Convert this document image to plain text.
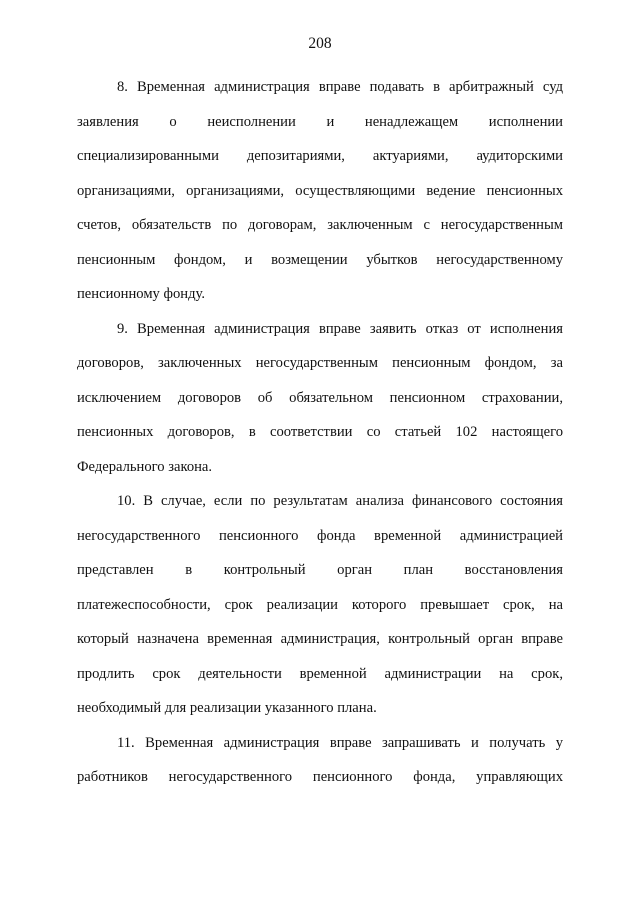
208
8. Временная администрация вправе подавать в арбитражный суд
заявления о неисполнении и ненадлежащем исполнении
специализированными депозитариями, актуариями, аудиторскими
организациями, организациями, осуществляющими ведение пенсионных
счетов, обязательств по договорам, заключенным с негосударственным
пенсионным фондом, и возмещении убытков негосударственному
пенсионному фонду.
9. Временная администрация вправе заявить отказ от исполнения
договоров, заключенных негосударственным пенсионным фондом, за
исключением договоров об обязательном пенсионном страховании,
пенсионных договоров, в соответствии со статьей 102 настоящего
Федерального закона.
10. В случае, если по результатам анализа финансового состояния
негосударственного пенсионного фонда временной администрацией
представлен в контрольный орган план восстановления
платежеспособности, срок реализации которого превышает срок, на
который назначена временная администрация, контрольный орган вправе
продлить срок деятельности временной администрации на срок,
необходимый для реализации указанного плана.
11. Временная администрация вправе запрашивать и получать у
работников негосударственного пенсионного фонда, управляющих
